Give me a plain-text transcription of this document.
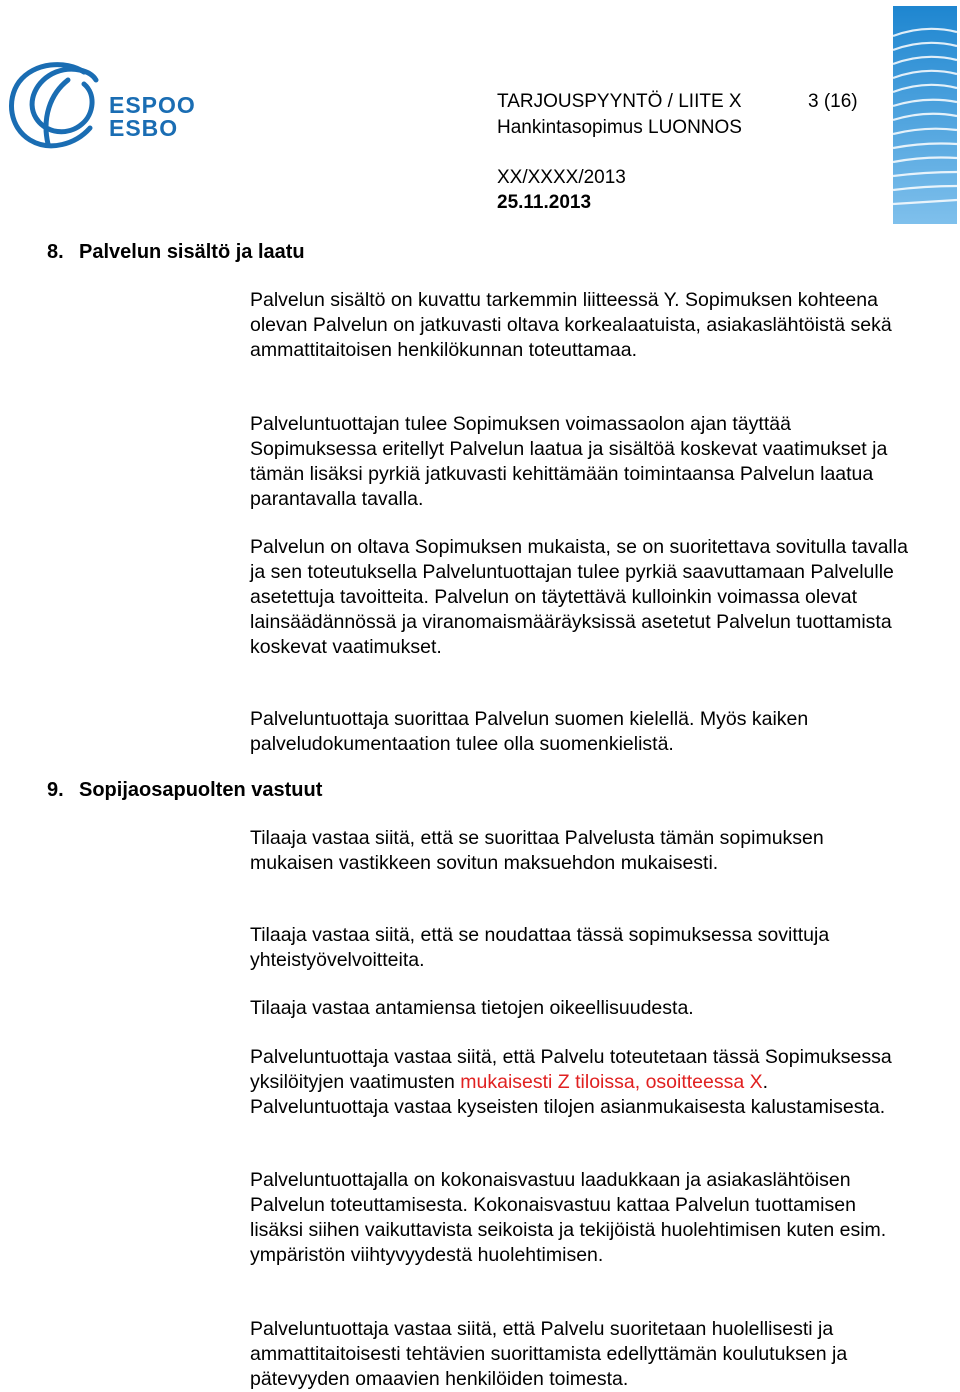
ESPOO
ESBO
TARJOUSPYYNTÖ / LIITE X	3 (16)
Hankintasopimus LUONNOS
XX/XXXX/2013
25.11.2013
8. Palvelun sisältö ja laatu

Palvelun sisältö on kuvattu tarkemmin liitteessä Y. Sopimuksen kohteena olevan Palvelun on jatkuvasti oltava korkealaatuista, asiakaslähtöistä sekä ammattitaitoisen henkilökunnan toteuttamaa.

Palveluntuottajan tulee Sopimuksen voimassaolon ajan täyttää Sopimuksessa eritellyt Palvelun laatua ja sisältöä koskevat vaatimukset ja tämän lisäksi pyrkiä jatkuvasti kehittämään toimintaansa Palvelun laatua parantavalla tavalla.

Palvelun on oltava Sopimuksen mukaista, se on suoritettava sovitulla tavalla ja sen toteutuksella Palveluntuottajan tulee pyrkiä saavuttamaan Palvelulle asetettuja tavoitteita. Palvelun on täytettävä kulloinkin voimassa olevat lainsäädännössä ja viranomaismääräyksissä asetetut Palvelun tuottamista koskevat vaatimukset.

Palveluntuottaja suorittaa Palvelun suomen kielellä. Myös kaiken palveludokumentaation tulee olla suomenkielistä.

9. Sopijaosapuolten vastuut

Tilaaja vastaa siitä, että se suorittaa Palvelusta tämän sopimuksen mukaisen vastikkeen sovitun maksuehdon mukaisesti.

Tilaaja vastaa siitä, että se noudattaa tässä sopimuksessa sovittuja yhteistyövelvoitteita.

Tilaaja vastaa antamiensa tietojen oikeellisuudesta.

Palveluntuottaja vastaa siitä, että Palvelu toteutetaan tässä Sopimuksessa yksilöityjen vaatimusten mukaisesti Z tiloissa, osoitteessa X. Palveluntuottaja vastaa kyseisten tilojen asianmukaisesta kalustamisesta.

Palveluntuottajalla on kokonaisvastuu laadukkaan ja asiakaslähtöisen Palvelun toteuttamisesta. Kokonaisvastuu kattaa Palvelun tuottamisen lisäksi siihen vaikuttavista seikoista ja tekijöistä huolehtimisen kuten esim. ympäristön viihtyvyydestä huolehtimisen.

Palveluntuottaja vastaa siitä, että Palvelu suoritetaan huolellisesti ja ammattitaitoisesti tehtävien suorittamista edellyttämän koulutuksen ja pätevyyden omaavien henkilöiden toimesta.
